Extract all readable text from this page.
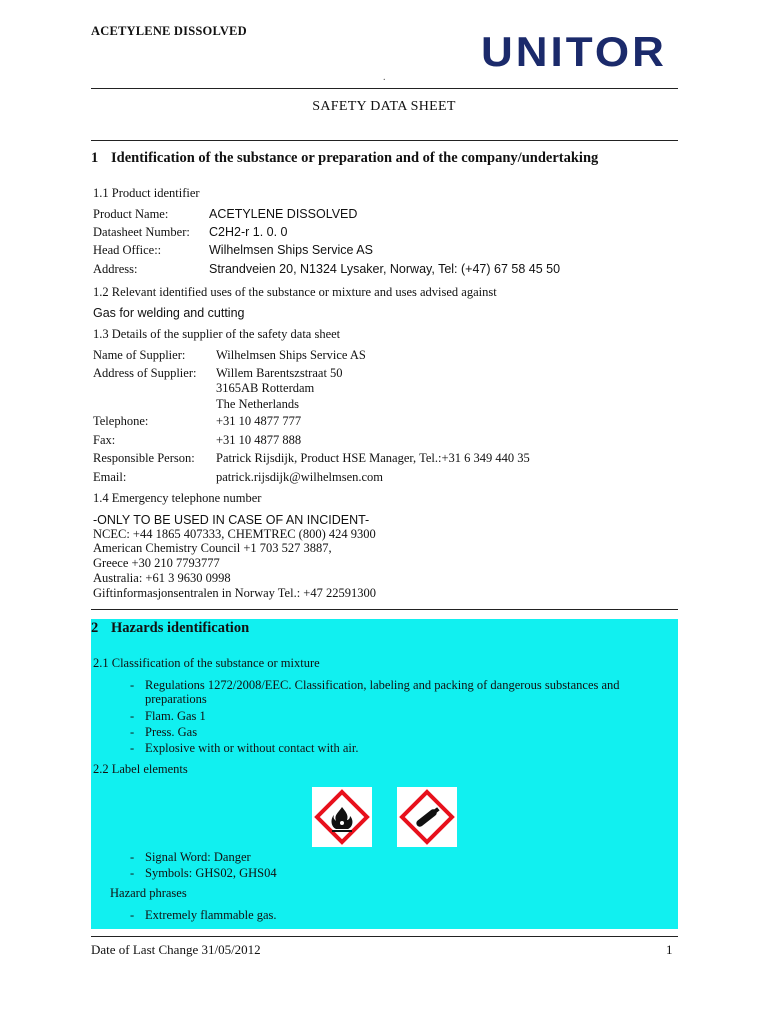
ACETYLENE DISSOLVED	UNITOR
.
SAFETY DATA SHEET
1 Identification of the substance or preparation and of the company/undertaking
1.1 Product identifier
Product Name:	ACETYLENE DISSOLVED
Datasheet Number: C2H2-r 1. 0. 0
Head Office::	Wilhelmsen Ships Service AS
Address:	Strandveien 20, N1324 Lysaker, Norway, Tel: (+47) 67 58 45 50
1.2 Relevant identified uses of the substance or mixture and uses advised against
Gas for welding and cutting
1.3 Details of the supplier of the safety data sheet
Name of Supplier: Wilhelmsen Ships Service AS
Address of Supplier: Willem Barentszstraat 50
3165AB Rotterdam
The Netherlands
Telephone:	+31 10 4877 777
Fax:	+31 10 4877 888
Responsible Person: Patrick Rijsdijk, Product HSE Manager, Tel.:+31 6 349 440 35
Email:	patrick.rijsdijk@wilhelmsen.com
1.4 Emergency telephone number
-ONLY TO BE USED IN CASE OF AN INCIDENT-
NCEC: +44 1865 407333, CHEMTREC (800) 424 9300
American Chemistry Council +1 703 527 3887,
Greece +30 210 7793777
Australia: +61 3 9630 0998
Giftinformasjonsentralen in Norway Tel.: +47 22591300
2 Hazards identification
2.1 Classification of the substance or mixture
- Regulations 1272/2008/EEC. Classification, labeling and packing of dangerous substances and preparations
- Flam. Gas 1
- Press. Gas
- Explosive with or without contact with air.
2.2 Label elements
- Signal Word: Danger
- Symbols: GHS02, GHS04
Hazard phrases
- Extremely flammable gas.
Date of Last Change 31/05/2012	1
